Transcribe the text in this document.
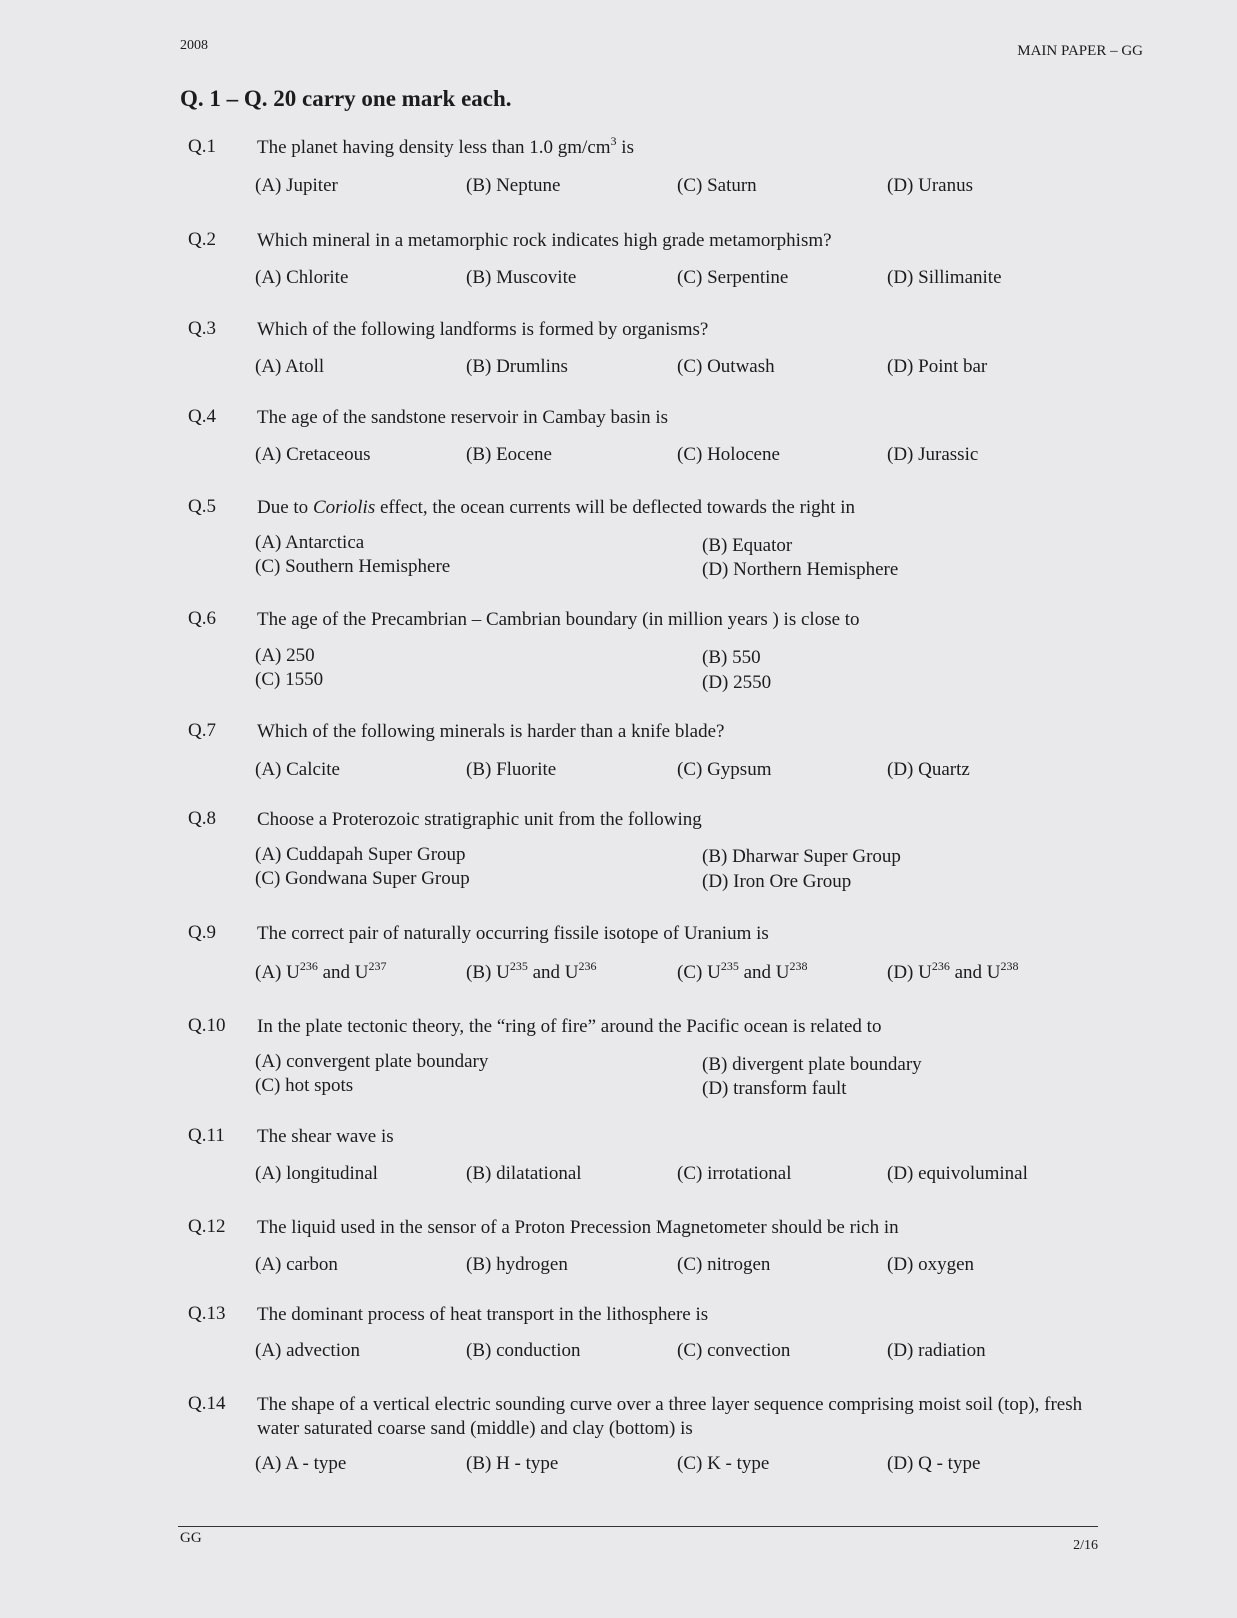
2008	MAIN PAPER – GG
Q. 1 – Q. 20 carry one mark each.
Q.1 The planet having density less than 1.0 $gm/cm^3$ is
(A) Jupiter	(B) Neptune	(C) Saturn	(D) Uranus
Q.2 Which mineral in a metamorphic rock indicates high grade metamorphism?
(A) Chlorite	(B) Muscovite	(C) Serpentine	(D) Sillimanite
Q.3 Which of the following landforms is formed by organisms?
(A) Atoll	(B) Drumlins	(C) Outwash	(D) Point bar
Q.4 The age of the sandstone reservoir in Cambay basin is
(A) Cretaceous	(B) Eocene	(C) Holocene	(D) Jurassic
Q.5 Due to Coriolis effect, the ocean currents will be deflected towards the right in
(A) Antarctica	(B) Equator
(C) Southern Hemisphere	(D) Northern Hemisphere
Q.6 The age of the Precambrian – Cambrian boundary (in million years ) is close to
(A) 250	(B) 550
(C) 1550	(D) 2550
Q.7 Which of the following minerals is harder than a knife blade?
(A) Calcite	(B) Fluorite	(C) Gypsum	(D) Quartz
Q.8 Choose a Proterozoic stratigraphic unit from the following
(A) Cuddapah Super Group	(B) Dharwar Super Group
(C) Gondwana Super Group	(D) Iron Ore Group
Q.9 The correct pair of naturally occurring fissile isotope of Uranium is
(A) $U^{236}$ and $U^{237}$	(B) $U^{235}$ and $U^{236}$	(C) $U^{235}$ and $U^{238}$	(D) $U^{236}$ and $U^{238}$
Q.10 In the plate tectonic theory, the “ring of fire” around the Pacific ocean is related to
(A) convergent plate boundary	(B) divergent plate boundary
(C) hot spots	(D) transform fault
Q.11 The shear wave is
(A) longitudinal	(B) dilatational	(C) irrotational	(D) equivoluminal
Q.12 The liquid used in the sensor of a Proton Precession Magnetometer should be rich in
(A) carbon	(B) hydrogen	(C) nitrogen	(D) oxygen
Q.13 The dominant process of heat transport in the lithosphere is
(A) advection	(B) conduction	(C) convection	(D) radiation
Q.14 The shape of a vertical electric sounding curve over a three layer sequence comprising moist soil (top), fresh water saturated coarse sand (middle) and clay (bottom) is
(A) A - type	(B) H - type	(C) K - type	(D) Q - type
GG	2/16
